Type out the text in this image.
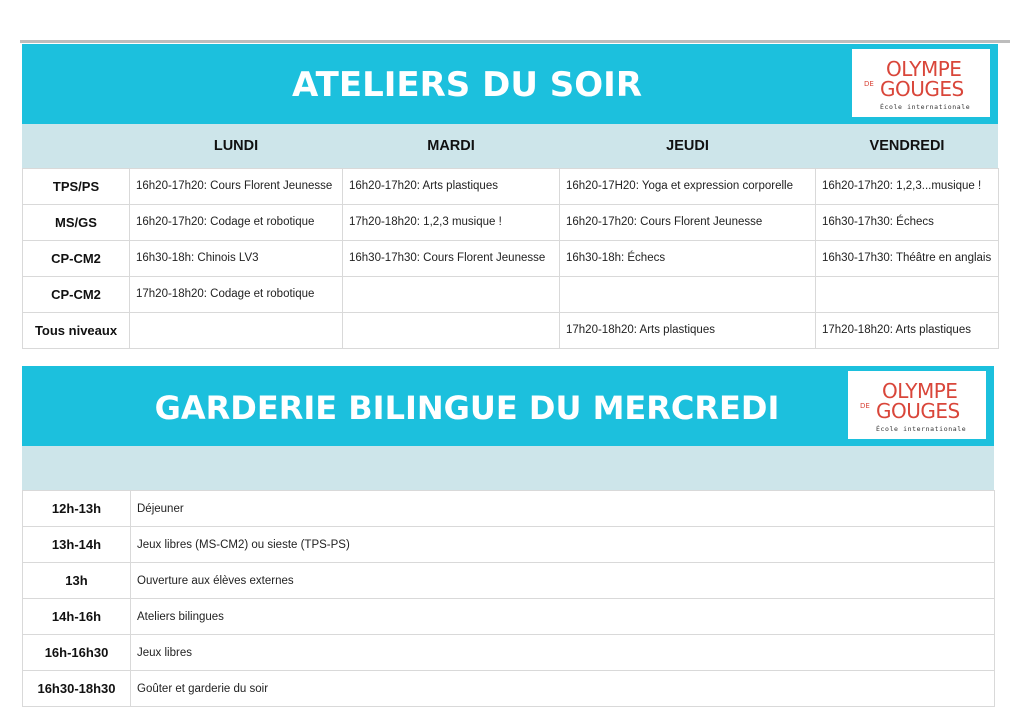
ATELIERS DU SOIR	OLYMPE
DE GOUGES
École internationale
	LUNDI	MARDI	JEUDI	VENDREDI
TPS/PS	16h20-17h20: Cours Florent Jeunesse	16h20-17h20: Arts plastiques	16h20-17H20: Yoga et expression corporelle	16h20-17h20: 1,2,3...musique !
MS/GS	16h20-17h20: Codage et robotique	17h20-18h20: 1,2,3 musique !	16h20-17h20: Cours Florent Jeunesse	16h30-17h30: Échecs
CP-CM2	16h30-18h: Chinois LV3	16h30-17h30: Cours Florent Jeunesse	16h30-18h: Échecs	16h30-17h30: Théâtre en anglais
CP-CM2	17h20-18h20: Codage et robotique			
Tous niveaux			17h20-18h20: Arts plastiques	17h20-18h20: Arts plastiques
GARDERIE BILINGUE DU MERCREDI	OLYMPE
DE GOUGES
École internationale
12h-13h	Déjeuner
13h-14h	Jeux libres (MS-CM2) ou sieste (TPS-PS)
13h	Ouverture aux élèves externes
14h-16h	Ateliers bilingues
16h-16h30	Jeux libres
16h30-18h30	Goûter et garderie du soir
